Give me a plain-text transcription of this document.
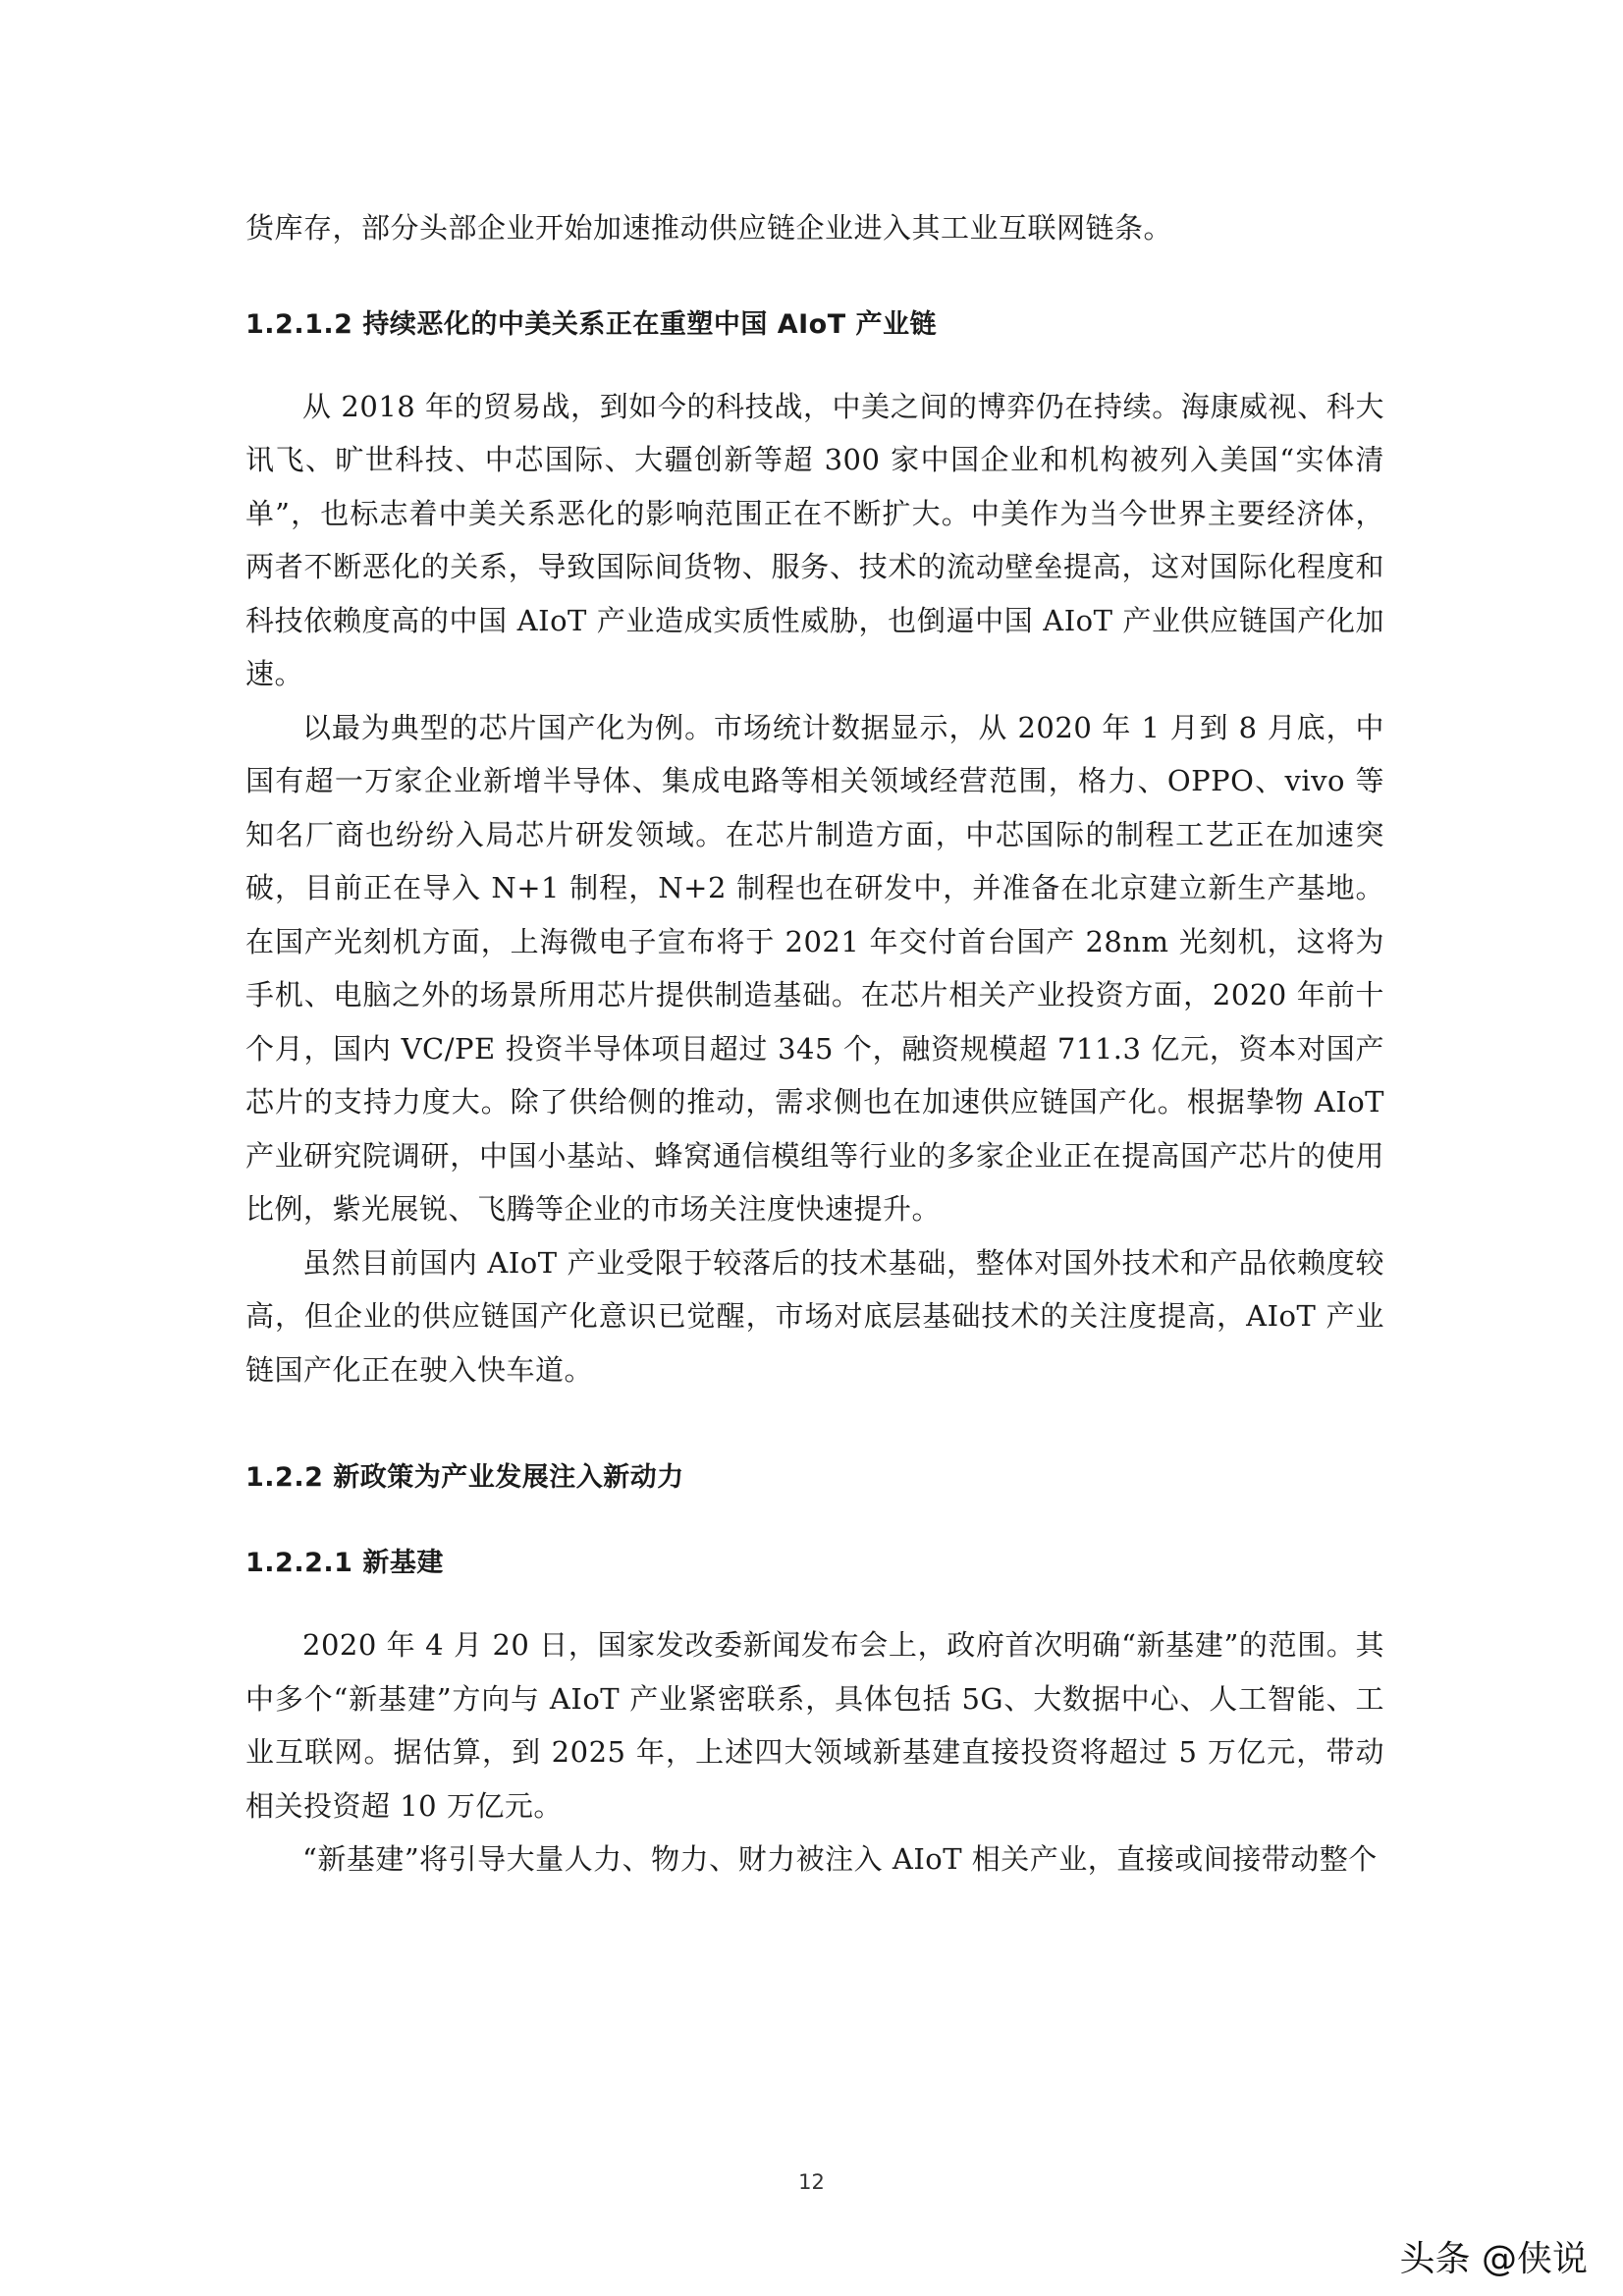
货库存，部分头部企业开始加速推动供应链企业进入其工业互联网链条。

1.2.1.2 持续恶化的中美关系正在重塑中国 AIoT 产业链

从 2018 年的贸易战，到如今的科技战，中美之间的博弈仍在持续。海康威视、科大讯飞、旷世科技、中芯国际、大疆创新等超 300 家中国企业和机构被列入美国“实体清单”，也标志着中美关系恶化的影响范围正在不断扩大。中美作为当今世界主要经济体，两者不断恶化的关系，导致国际间货物、服务、技术的流动壁垒提高，这对国际化程度和科技依赖度高的中国 AIoT 产业造成实质性威胁，也倒逼中国 AIoT 产业供应链国产化加速。

以最为典型的芯片国产化为例。市场统计数据显示，从 2020 年 1 月到 8 月底，中国有超一万家企业新增半导体、集成电路等相关领域经营范围，格力、OPPO、vivo 等知名厂商也纷纷入局芯片研发领域。在芯片制造方面，中芯国际的制程工艺正在加速突破，目前正在导入 N+1 制程，N+2 制程也在研发中，并准备在北京建立新生产基地。在国产光刻机方面，上海微电子宣布将于 2021 年交付首台国产 28nm 光刻机，这将为手机、电脑之外的场景所用芯片提供制造基础。在芯片相关产业投资方面，2020 年前十个月，国内 VC/PE 投资半导体项目超过 345 个，融资规模超 711.3 亿元，资本对国产芯片的支持力度大。除了供给侧的推动，需求侧也在加速供应链国产化。根据挚物 AIoT 产业研究院调研，中国小基站、蜂窝通信模组等行业的多家企业正在提高国产芯片的使用比例，紫光展锐、飞腾等企业的市场关注度快速提升。

虽然目前国内 AIoT 产业受限于较落后的技术基础，整体对国外技术和产品依赖度较高，但企业的供应链国产化意识已觉醒，市场对底层基础技术的关注度提高，AIoT 产业链国产化正在驶入快车道。

1.2.2 新政策为产业发展注入新动力
1.2.2.1 新基建

2020 年 4 月 20 日，国家发改委新闻发布会上，政府首次明确“新基建”的范围。其中多个“新基建”方向与 AIoT 产业紧密联系，具体包括 5G、大数据中心、人工智能、工业互联网。据估算，到 2025 年，上述四大领域新基建直接投资将超过 5 万亿元，带动相关投资超 10 万亿元。

“新基建”将引导大量人力、物力、财力被注入 AIoT 相关产业，直接或间接带动整个

12
头条 @侠说
